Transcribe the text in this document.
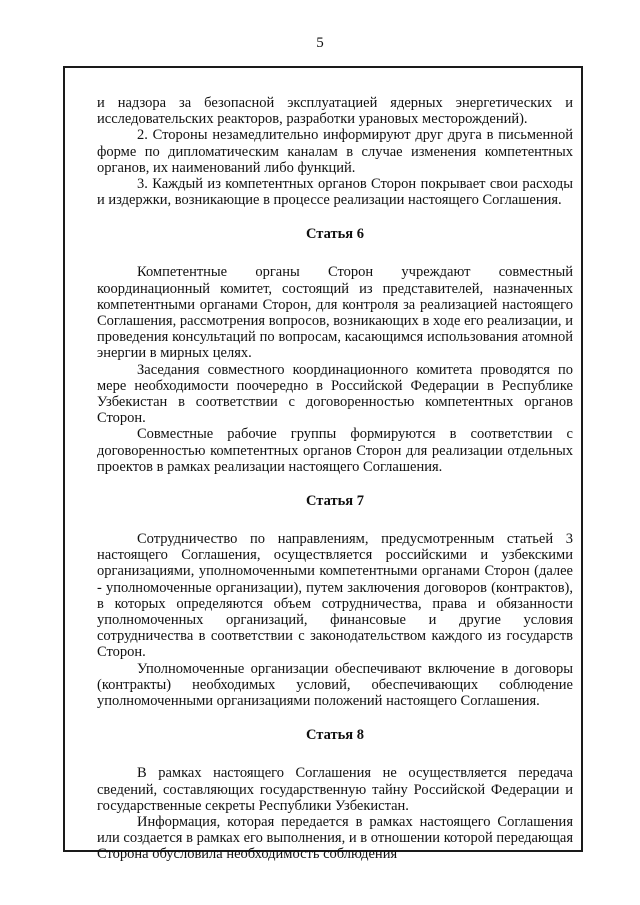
5

и надзора за безопасной эксплуатацией ядерных энергетических и исследовательских реакторов, разработки урановых месторождений).

2. Стороны незамедлительно информируют друг друга в письменной форме по дипломатическим каналам в случае изменения компетентных органов, их наименований либо функций.

3. Каждый из компетентных органов Сторон покрывает свои расходы и издержки, возникающие в процессе реализации настоящего Соглашения.

Статья 6

Компетентные органы Сторон учреждают совместный координационный комитет, состоящий из представителей, назначенных компетентными органами Сторон, для контроля за реализацией настоящего Соглашения, рассмотрения вопросов, возникающих в ходе его реализации, и проведения консультаций по вопросам, касающимся использования атомной энергии в мирных целях.

Заседания совместного координационного комитета проводятся по мере необходимости поочередно в Российской Федерации в Республике Узбекистан в соответствии с договоренностью компетентных органов Сторон.

Совместные рабочие группы формируются в соответствии с договоренностью компетентных органов Сторон для реализации отдельных проектов в рамках реализации настоящего Соглашения.

Статья 7

Сотрудничество по направлениям, предусмотренным статьей 3 настоящего Соглашения, осуществляется российскими и узбекскими организациями, уполномоченными компетентными органами Сторон (далее - уполномоченные организации), путем заключения договоров (контрактов), в которых определяются объем сотрудничества, права и обязанности уполномоченных организаций, финансовые и другие условия сотрудничества в соответствии с законодательством каждого из государств Сторон.

Уполномоченные организации обеспечивают включение в договоры (контракты) необходимых условий, обеспечивающих соблюдение уполномоченными организациями положений настоящего Соглашения.

Статья 8

В рамках настоящего Соглашения не осуществляется передача сведений, составляющих государственную тайну Российской Федерации и государственные секреты Республики Узбекистан.

Информация, которая передается в рамках настоящего Соглашения или создается в рамках его выполнения, и в отношении которой передающая Сторона обусловила необходимость соблюдения
